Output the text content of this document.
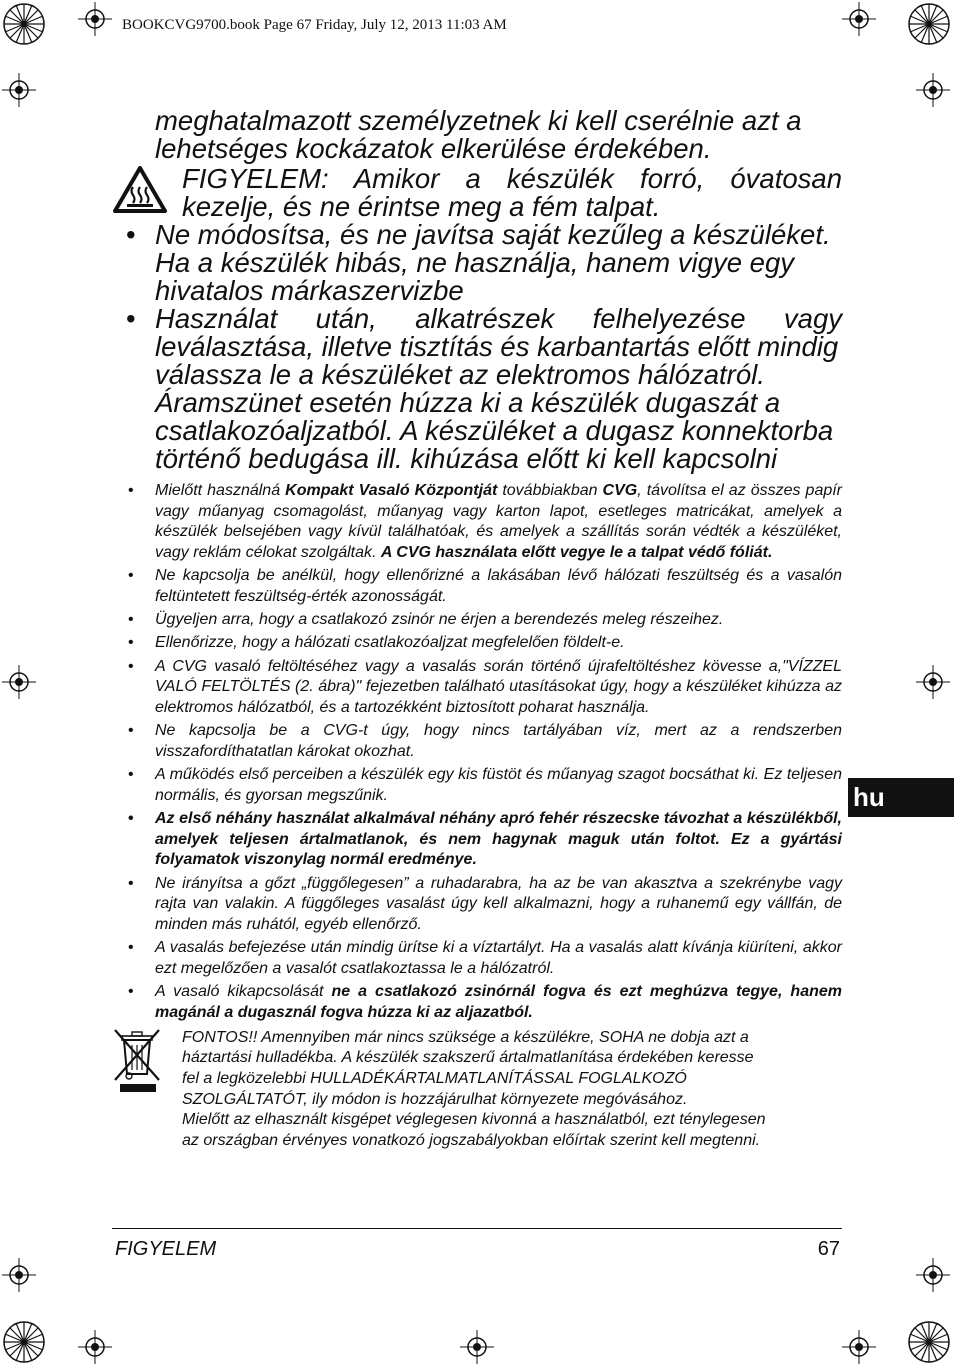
BOOKCVG9700.book Page 67 Friday, July 12, 2013 11:03 AM
meghatalmazott személyzetnek ki kell cserélnie azt a
lehetséges kockázatok elkerülése érdekében.
FIGYELEM: Amikor a készülék forró, óvatosan
kezelje, és ne érintse meg a fém talpat.
• Ne módosítsa, és ne javítsa saját kezűleg a készüléket.
Ha a készülék hibás, ne használja, hanem vigye egy
hivatalos márkaszervizbe
• Használat után, alkatrészek felhelyezése vagy
leválasztása, illetve tisztítás és karbantartás előtt mindig
válassza le a készüléket az elektromos hálózatról.
Áramszünet esetén húzza ki a készülék dugaszát a
csatlakozóaljzatból. A készüléket a dugasz konnektorba
történő bedugása ill. kihúzása előtt ki kell kapcsolni
• Mielőtt használná Kompakt Vasaló Központját továbbiakban CVG, távolítsa el az összes papír vagy műanyag csomagolást, műanyag vagy karton lapot, esetleges matricákat, amelyek a készülék belsejében vagy kívül találhatóak, és amelyek a szállítás során védték a készüléket, vagy reklám célokat szolgáltak. A CVG használata előtt vegye le a talpat védő fóliát.
• Ne kapcsolja be anélkül, hogy ellenőrizné a lakásában lévő hálózati feszültség és a vasalón feltüntetett feszültség-érték azonosságát.
• Ügyeljen arra, hogy a csatlakozó zsinór ne érjen a berendezés meleg részeihez.
• Ellenőrizze, hogy a hálózati csatlakozóaljzat megfelelően földelt-e.
• A CVG vasaló feltöltéséhez vagy a vasalás során történő újrafeltöltéshez kövesse a,"VÍZZEL VALÓ FELTÖLTÉS (2. ábra)" fejezetben található utasításokat úgy, hogy a készüléket kihúzza az elektromos hálózatból, és a tartozékként biztosított poharat használja.
• Ne kapcsolja be a CVG-t úgy, hogy nincs tartályában víz, mert az a rendszerben visszafordíthatatlan károkat okozhat.
• A működés első perceiben a készülék egy kis füstöt és műanyag szagot bocsáthat ki. Ez teljesen normális, és gyorsan megszűnik.
• Az első néhány használat alkalmával néhány apró fehér részecske távozhat a készülékből, amelyek teljesen ártalmatlanok, és nem hagynak maguk után foltot. Ez a gyártási folyamatok viszonylag normál eredménye.
• Ne irányítsa a gőzt „függőlegesen” a ruhadarabra, ha az be van akasztva a szekrénybe vagy rajta van valakin. A függőleges vasalást úgy kell alkalmazni, hogy a ruhanemű egy vállfán, de minden más ruhától, egyéb ellenőrző.
• A vasalás befejezése után mindig ürítse ki a víztartályt. Ha a vasalás alatt kívánja kiüríteni, akkor ezt megelőzően a vasalót csatlakoztassa le a hálózatról.
• A vasaló kikapcsolását ne a csatlakozó zsinórnál fogva és ezt meghúzva tegye, hanem magánál a dugasznál fogva húzza ki az aljazatból.
FONTOS!! Amennyiben már nincs szüksége a készülékre, SOHA ne dobja azt a
háztartási hulladékba. A készülék szakszerű ártalmatlanítása érdekében keresse
fel a legközelebbi HULLADÉKÁRTALMATLANÍTÁSSAL FOGLALKOZÓ
SZOLGÁLTATÓT, ily módon is hozzájárulhat környezete megóvásához.
Mielőtt az elhasznált kisgépet véglegesen kivonná a használatból, ezt ténylegesen
az országban érvényes vonatkozó jogszabályokban előírtak szerint kell megtenni.
hu
FIGYELEM	67
